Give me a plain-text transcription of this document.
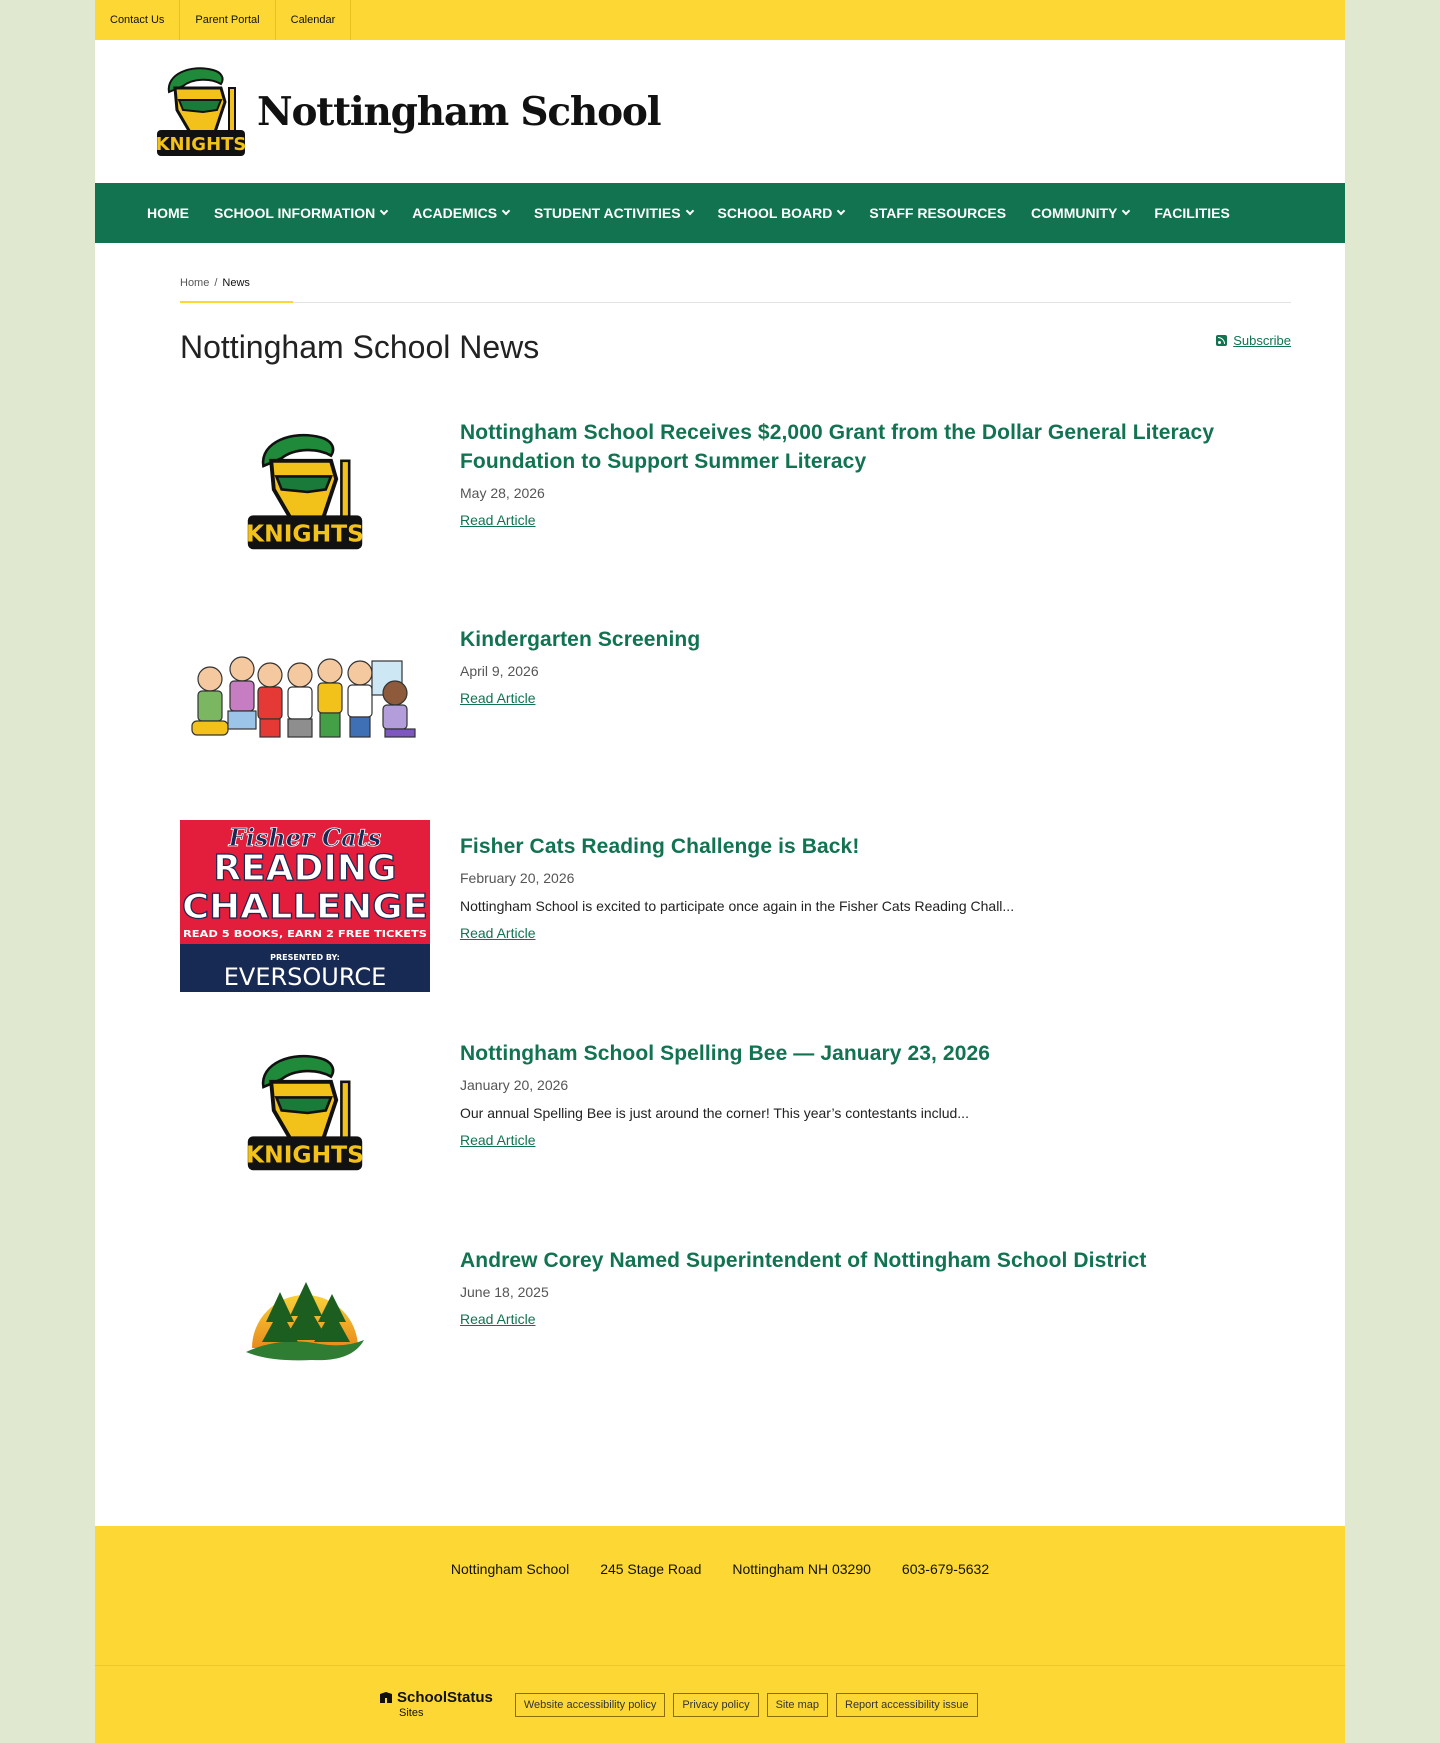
Contact Us	Parent Portal	Calendar
KNIGHTS
Nottingham School
HOME SCHOOL INFORMATION	ACADEMICS	STUDENT ACTIVITIES	SCHOOL BOARD	STAFF RESOURCES COMMUNITY	FACILITIES
Home / News
Nottingham School News	Subscribe
KNIGHTS
Nottingham School Receives $2,000 Grant from the Dollar General Literacy Foundation to Support Summer Literacy
May 28, 2026
Read Article
Kindergarten Screening
April 9, 2026
Read Article
Fisher Cats
READING
CHALLENGE
READ 5 BOOKS, EARN 2 FREE TICKETS
PRESENTED BY:
EVERSOURCE
Fisher Cats Reading Challenge is Back!
February 20, 2026
Nottingham School is excited to participate once again in the Fisher Cats Reading Chall...
Read Article
KNIGHTS
Nottingham School Spelling Bee — January 23, 2026
January 20, 2026
Our annual Spelling Bee is just around the corner! This year’s contestants includ...
Read Article
Andrew Corey Named Superintendent of Nottingham School District
June 18, 2025
Read Article
Nottingham School 245 Stage Road Nottingham NH 03290 603-679-5632
SchoolStatus
Sites
Website accessibility policy	Privacy policy	Site map	Report accessibility issue
